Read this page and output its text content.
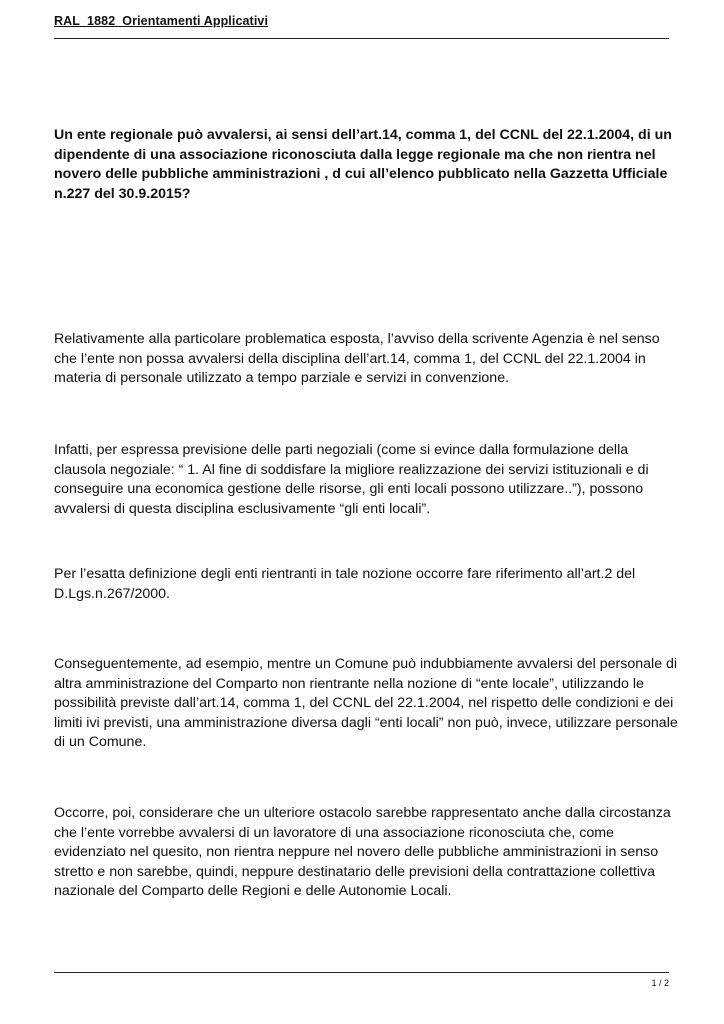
RAL_1882_Orientamenti Applicativi
Un ente regionale può avvalersi, ai sensi dell’art.14, comma 1, del CCNL del 22.1.2004, di un dipendente di una associazione riconosciuta dalla legge regionale ma che non rientra nel novero delle pubbliche amministrazioni , d cui all’elenco pubblicato nella Gazzetta Ufficiale n.227 del 30.9.2015?

Relativamente alla particolare problematica esposta, l’avviso della scrivente Agenzia è nel senso che l’ente non possa avvalersi della disciplina dell’art.14, comma 1, del CCNL del 22.1.2004 in materia di personale utilizzato a tempo parziale e servizi in convenzione.

Infatti, per espressa previsione delle parti negoziali (come si evince dalla formulazione della clausola negoziale: “ 1. Al fine di soddisfare la migliore realizzazione dei servizi istituzionali e di conseguire una economica gestione delle risorse, gli enti locali possono utilizzare..”), possono avvalersi di questa disciplina esclusivamente “gli enti locali”.

Per l’esatta definizione degli enti rientranti in tale nozione occorre fare riferimento all’art.2 del D.Lgs.n.267/2000.

Conseguentemente, ad esempio, mentre un Comune può indubbiamente avvalersi del personale di altra amministrazione del Comparto non rientrante nella nozione di “ente locale”, utilizzando le possibilità previste dall’art.14, comma 1, del CCNL del 22.1.2004, nel rispetto delle condizioni e dei limiti ivi previsti, una amministrazione diversa dagli “enti locali” non può, invece, utilizzare personale di un Comune.

Occorre, poi, considerare che un ulteriore ostacolo sarebbe rappresentato anche dalla circostanza che l’ente vorrebbe avvalersi di un lavoratore di una associazione riconosciuta che, come evidenziato nel quesito, non rientra neppure nel novero delle pubbliche amministrazioni in senso stretto e non sarebbe, quindi, neppure destinatario delle previsioni della contrattazione collettiva nazionale del Comparto delle Regioni e delle Autonomie Locali.

1 / 2
